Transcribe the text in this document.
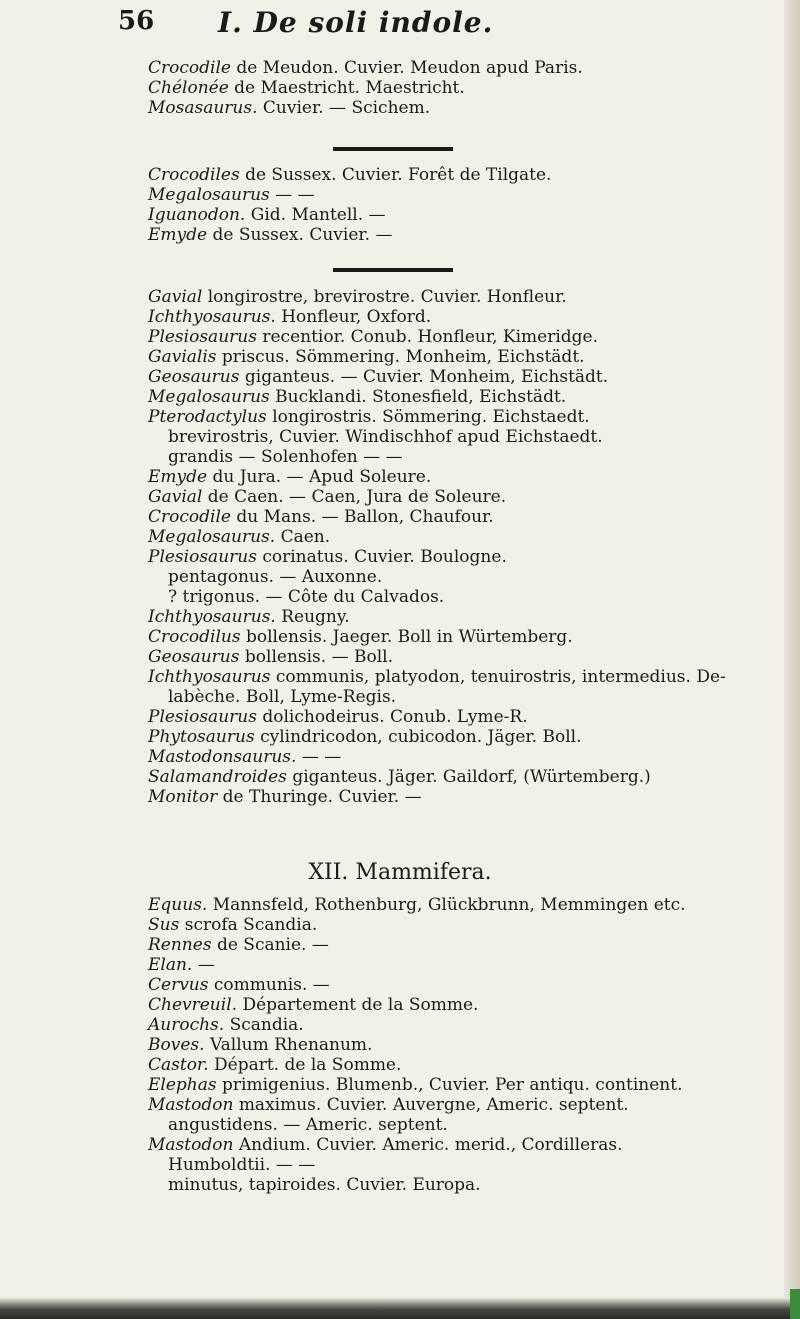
56 I. De soli indole.
Crocodile de Meudon. Cuvier. Meudon apud Paris.
Chélonée de Maestricht. Maestricht.
Mosasaurus. Cuvier. — Scichem.
Crocodiles de Sussex. Cuvier. Forêt de Tilgate.
Megalosaurus — —
Iguanodon. Gid. Mantell. —
Emyde de Sussex. Cuvier. —
Gavial longirostre, brevirostre. Cuvier. Honfleur.
Ichthyosaurus. Honfleur, Oxford.
Plesiosaurus recentior. Conub. Honfleur, Kimeridge.
Gavialis priscus. Sömmering. Monheim, Eichstädt.
Geosaurus giganteus. — Cuvier. Monheim, Eichstädt.
Megalosaurus Bucklandi. Stonesfield, Eichstädt.
Pterodactylus longirostris. Sömmering. Eichstaedt.
brevirostris, Cuvier. Windischhof apud Eichstaedt.
grandis — Solenhofen — —
Emyde du Jura. — Apud Soleure.
Gavial de Caen. — Caen, Jura de Soleure.
Crocodile du Mans. — Ballon, Chaufour.
Megalosaurus. Caen.
Plesiosaurus corinatus. Cuvier. Boulogne.
pentagonus. — Auxonne.
? trigonus. — Côte du Calvados.
Ichthyosaurus. Reugny.
Crocodilus bollensis. Jaeger. Boll in Würtemberg.
Geosaurus bollensis. — Boll.
Ichthyosaurus communis, platyodon, tenuirostris, intermedius. De-
labèche. Boll, Lyme-Regis.
Plesiosaurus dolichodeirus. Conub. Lyme-R.
Phytosaurus cylindricodon, cubicodon. Jäger. Boll.
Mastodonsaurus. — —
Salamandroides giganteus. Jäger. Gaildorf, (Würtemberg.)
Monitor de Thuringe. Cuvier. —
XII. Mammifera.
Equus. Mannsfeld, Rothenburg, Glückbrunn, Memmingen etc.
Sus scrofa Scandia.
Rennes de Scanie. —
Elan. —
Cervus communis. —
Chevreuil. Département de la Somme.
Aurochs. Scandia.
Boves. Vallum Rhenanum.
Castor. Départ. de la Somme.
Elephas primigenius. Blumenb., Cuvier. Per antiqu. continent.
Mastodon maximus. Cuvier. Auvergne, Americ. septent.
angustidens. — Americ. septent.
Mastodon Andium. Cuvier. Americ. merid., Cordilleras.
Humboldtii. — —
minutus, tapiroides. Cuvier. Europa.
